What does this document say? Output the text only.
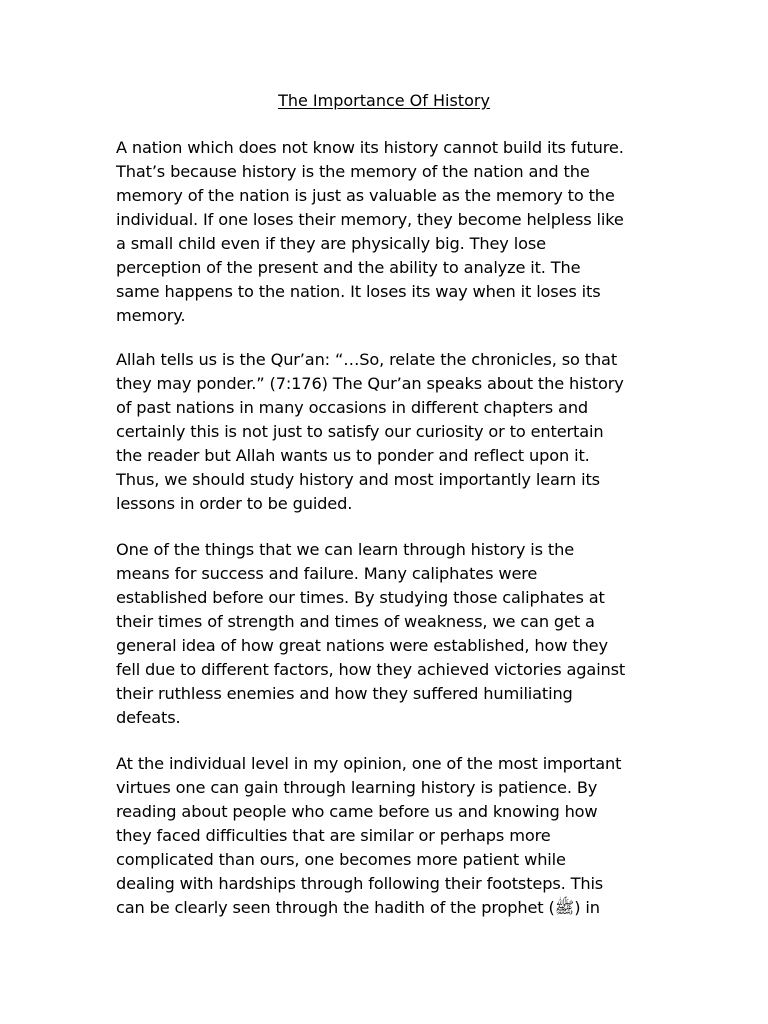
The Importance Of History

A nation which does not know its history cannot build its future.
That’s because history is the memory of the nation and the
memory of the nation is just as valuable as the memory to the
individual. If one loses their memory, they become helpless like
a small child even if they are physically big. They lose
perception of the present and the ability to analyze it. The
same happens to the nation. It loses its way when it loses its
memory.

Allah tells us is the Qur’an: “…So, relate the chronicles, so that
they may ponder.” (7:176) The Qur’an speaks about the history
of past nations in many occasions in different chapters and
certainly this is not just to satisfy our curiosity or to entertain
the reader but Allah wants us to ponder and reflect upon it.
Thus, we should study history and most importantly learn its
lessons in order to be guided.

One of the things that we can learn through history is the
means for success and failure. Many caliphates were
established before our times. By studying those caliphates at
their times of strength and times of weakness, we can get a
general idea of how great nations were established, how they
fell due to different factors, how they achieved victories against
their ruthless enemies and how they suffered humiliating
defeats.

At the individual level in my opinion, one of the most important
virtues one can gain through learning history is patience. By
reading about people who came before us and knowing how
they faced difficulties that are similar or perhaps more
complicated than ours, one becomes more patient while
dealing with hardships through following their footsteps. This
can be clearly seen through the hadith of the prophet (ﷺ) in
